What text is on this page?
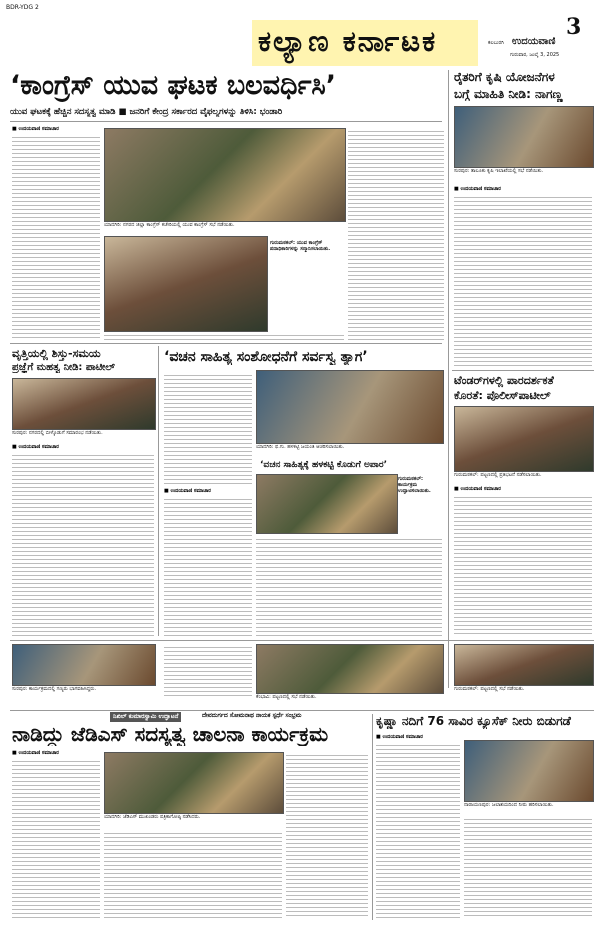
BDR-YDG 2
ಕಲ್ಯಾಣ ಕರ್ನಾಟಕ	3
ಕಲಬುರಗಿ ಉದಯವಾಣಿ
ಗುರುವಾರ, ಜುಲೈ 3, 2025
‘ಕಾಂಗ್ರೆಸ್ ಯುವ ಘಟಕ ಬಲವರ್ಧಿಸಿ’
ಯುವ ಘಟಕಕ್ಕೆ ಹೆಚ್ಚಿನ ಸದಸ್ಯತ್ವ ಮಾಡಿ ■ ಜನರಿಗೆ ಕೇಂದ್ರ ಸರ್ಕಾರದ ವೈಫಲ್ಯಗಳನ್ನು ತಿಳಿಸಿ: ಭಂಡಾರಿ
■ ಉದಯವಾಣಿ ಸಮಾಚಾರ
ಯಾದಗಿರಿ: ನಗರದ ಜಿಲ್ಲಾ ಕಾಂಗ್ರೆಸ್ ಕಚೇರಿಯಲ್ಲಿ ಯುವ ಕಾಂಗ್ರೆಸ್ ಸಭೆ ನಡೆಯಿತು.
ಗುರುಮಠಕಲ್: ಯುವ ಕಾಂಗ್ರೆಸ್ ಪದಾಧಿಕಾರಿಗಳನ್ನು ಸನ್ಮಾನಿಸಲಾಯಿತು.
ರೈತರಿಗೆ ಕೃಷಿ ಯೋಜನೆಗಳ
ಬಗ್ಗೆ ಮಾಹಿತಿ ನೀಡಿ: ನಾಗಣ್ಣ
ಸುರಪುರ: ತಾಲೂಕು ಕೃಷಿ ಇಲಾಖೆಯಲ್ಲಿ ಸಭೆ ನಡೆಯಿತು.
■ ಉದಯವಾಣಿ ಸಮಾಚಾರ
ವೃತ್ತಿಯಲ್ಲಿ ಶಿಸ್ತು-ಸಮಯ
ಪ್ರಜ್ಞೆಗೆ ಮಹತ್ವ ನೀಡಿ: ಪಾಟೀಲ್
ಸುರಪುರ: ನಗರದಲ್ಲಿ ಬೀಳ್ಕೊಡುಗೆ ಸಮಾರಂಭ ನಡೆಯಿತು.
■ ಉದಯವಾಣಿ ಸಮಾಚಾರ
‘ವಚನ ಸಾಹಿತ್ಯ ಸಂಶೋಧನೆಗೆ ಸರ್ವಸ್ವ ತ್ಯಾಗ’
ಯಾದಗಿರಿ: ಫ.ಗು. ಹಳಕಟ್ಟಿ ಜಯಂತಿ ಆಚರಿಸಲಾಯಿತು.
‘ವಚನ ಸಾಹಿತ್ಯಕ್ಕೆ ಹಳಕಟ್ಟಿ ಕೊಡುಗೆ ಅಪಾರ’
ಗುರುಮಠಕಲ್: ಕಾರ್ಯಕ್ರಮ ಉದ್ಘಾಟಿಸಲಾಯಿತು.
■ ಉದಯವಾಣಿ ಸಮಾಚಾರ
ಟೆಂಡರ್‌ಗಳಲ್ಲಿ ಪಾರದರ್ಶಕತೆ
ಕೊರತೆ: ಪೊಲೀಸ್‌ಪಾಟೀಲ್
ಗುರುಮಠಕಲ್: ಪಟ್ಟಣದಲ್ಲಿ ಪ್ರತಿಭಟನೆ ನಡೆಸಲಾಯಿತು.
■ ಉದಯವಾಣಿ ಸಮಾಚಾರ
ಸುರಪುರ: ಕಾರ್ಯಕ್ರಮದಲ್ಲಿ ಗಣ್ಯರು ಭಾಗವಹಿಸಿದ್ದರು.
ಕೆಂಭಾವಿ: ಪಟ್ಟಣದಲ್ಲಿ ಸಭೆ ನಡೆಯಿತು.
ಗುರುಮಠಕಲ್: ಪಟ್ಟಣದಲ್ಲಿ ಸಭೆ ನಡೆಯಿತು.
ನಿಖಿಲ್ ಕುಮಾರಸ್ವಾಮಿ ಉದ್ಘಾಟನೆ	ದೇವದುರ್ಗದ ಸೋಮನಾಥ ನಾಯಕ ಸ್ಪರ್ಧೆ ಸಂಭ್ರಮ
ನಾಡಿದ್ದು ಜೆಡಿಎಸ್ ಸದಸ್ಯತ್ವ ಚಾಲನಾ ಕಾರ್ಯಕ್ರಮ
■ ಉದಯವಾಣಿ ಸಮಾಚಾರ
ಯಾದಗಿರಿ: ಜೆಡಿಎಸ್ ಮುಖಂಡರು ಪತ್ರಿಕಾಗೋಷ್ಠಿ ನಡೆಸಿದರು.
ಕೃಷ್ಣಾ ನದಿಗೆ 76 ಸಾವಿರ ಕ್ಯೂಸೆಕ್ ನೀರು ಬಿಡುಗಡೆ
■ ಉದಯವಾಣಿ ಸಮಾಚಾರ
ನಾರಾಯಣಪುರ: ಜಲಾಶಯದಿಂದ ನೀರು ಹರಿಸಲಾಯಿತು.
